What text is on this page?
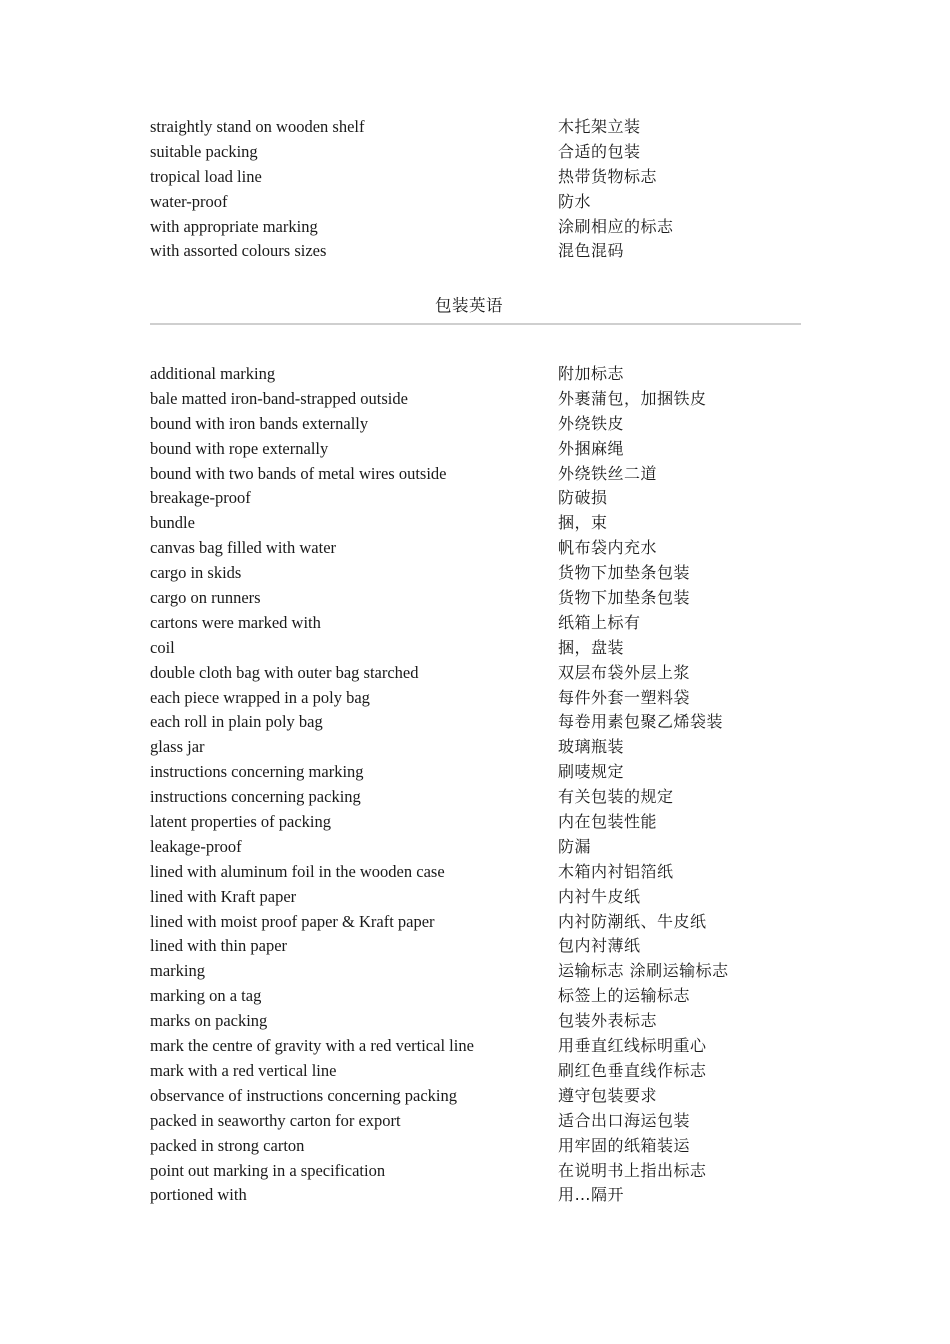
straightly stand on wooden shelf	木托架立装
suitable packing	合适的包装
tropical load line	热带货物标志
water-proof	防水
with appropriate marking	涂刷相应的标志
with assorted colours sizes	混色混码
包装英语
additional marking	附加标志
bale matted iron-band-strapped outside	外裹蒲包，加捆铁皮
bound with iron bands externally	外绕铁皮
bound with rope externally	外捆麻绳
bound with two bands of metal wires outside	外绕铁丝二道
breakage-proof	防破损
bundle	捆，束
canvas bag filled with water	帆布袋内充水
cargo in skids	货物下加垫条包装
cargo on runners	货物下加垫条包装
cartons were marked with	纸箱上标有
coil	捆，盘装
double cloth bag with outer bag starched	双层布袋外层上浆
each piece wrapped in a poly bag	每件外套一塑料袋
each roll in plain poly bag	每卷用素包聚乙烯袋装
glass jar	玻璃瓶装
instructions concerning marking	刷唛规定
instructions concerning packing	有关包装的规定
latent properties of packing	内在包装性能
leakage-proof	防漏
lined with aluminum foil in the wooden case	木箱内衬铝箔纸
lined with Kraft paper	内衬牛皮纸
lined with moist proof paper & Kraft paper	内衬防潮纸、牛皮纸
lined with thin paper	包内衬薄纸
marking	运输标志 涂刷运输标志
marking on a tag	标签上的运输标志
marks on packing	包装外表标志
mark the centre of gravity with a red vertical line	用垂直红线标明重心
mark with a red vertical line	刷红色垂直线作标志
observance of instructions concerning packing	遵守包装要求
packed in seaworthy carton for export	适合出口海运包装
packed in strong carton	用牢固的纸箱装运
point out marking in a specification	在说明书上指出标志
portioned with	用…隔开
